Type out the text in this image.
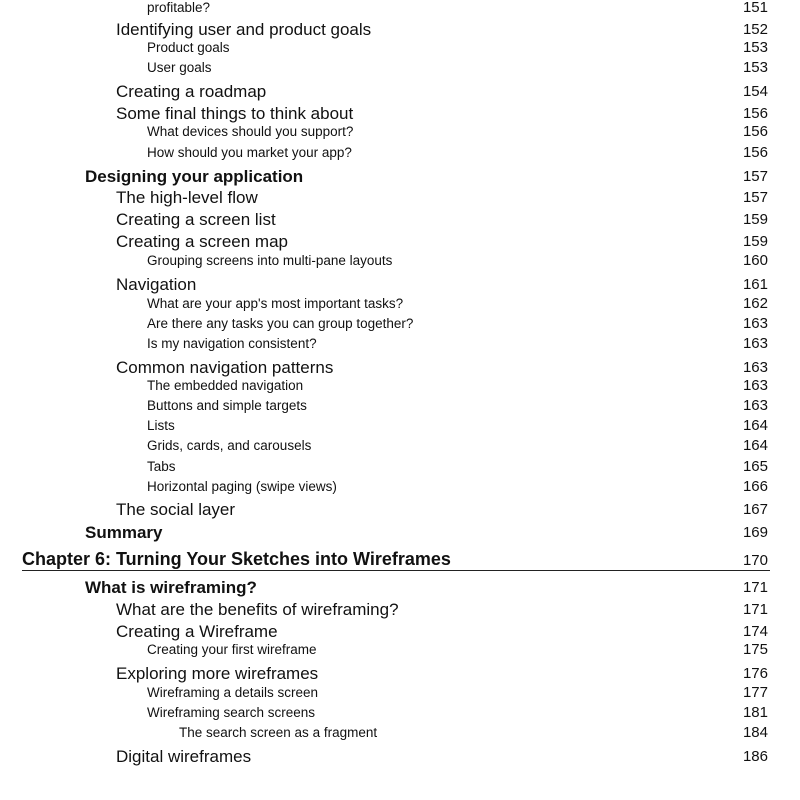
profitable?	151
Identifying user and product goals	152
Product goals	153
User goals	153
Creating a roadmap	154
Some final things to think about	156
What devices should you support?	156
How should you market your app?	156
Designing your application	157
The high-level flow	157
Creating a screen list	159
Creating a screen map	159
Grouping screens into multi-pane layouts	160
Navigation	161
What are your app's most important tasks?	162
Are there any tasks you can group together?	163
Is my navigation consistent?	163
Common navigation patterns	163
The embedded navigation	163
Buttons and simple targets	163
Lists	164
Grids, cards, and carousels	164
Tabs	165
Horizontal paging (swipe views)	166
The social layer	167
Summary	169
Chapter 6: Turning Your Sketches into Wireframes	170
What is wireframing?	171
What are the benefits of wireframing?	171
Creating a Wireframe	174
Creating your first wireframe	175
Exploring more wireframes	176
Wireframing a details screen	177
Wireframing search screens	181
The search screen as a fragment	184
Digital wireframes	186
